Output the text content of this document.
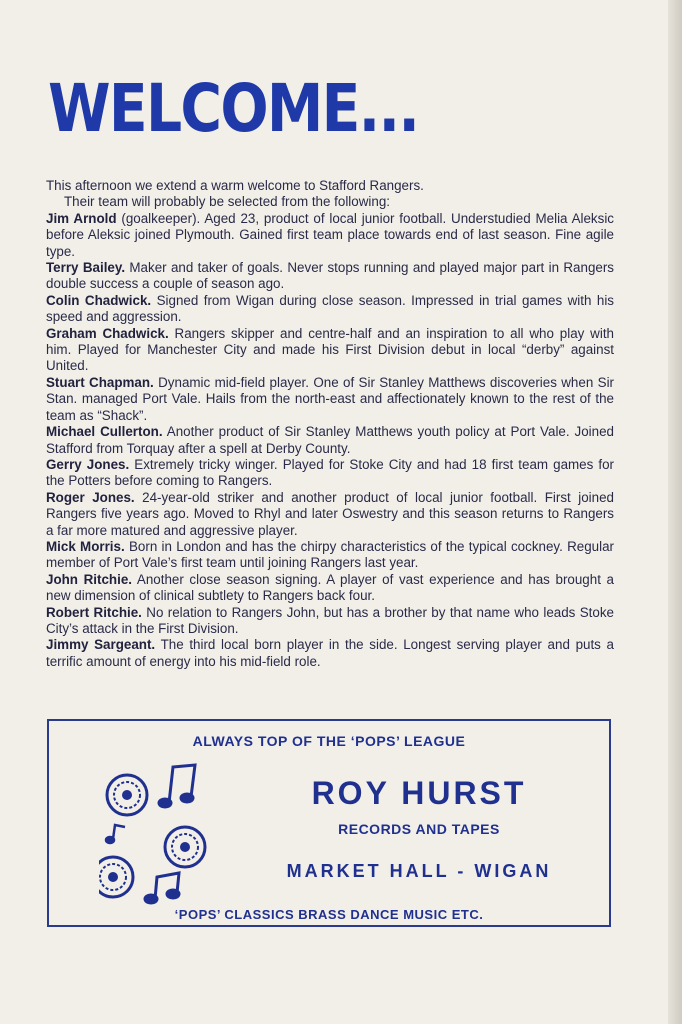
WELCOME...

This afternoon we extend a warm welcome to Stafford Rangers.

Their team will probably be selected from the following:

Jim Arnold (goalkeeper). Aged 23, product of local junior football. Understudied Melia Aleksic before Aleksic joined Plymouth. Gained first team place towards end of last season. Fine agile type.

Terry Bailey. Maker and taker of goals. Never stops running and played major part in Rangers double success a couple of season ago.

Colin Chadwick. Signed from Wigan during close season. Impressed in trial games with his speed and aggression.

Graham Chadwick. Rangers skipper and centre-half and an inspiration to all who play with him. Played for Manchester City and made his First Division debut in local “derby” against United.

Stuart Chapman. Dynamic mid-field player. One of Sir Stanley Matthews discoveries when Sir Stan. managed Port Vale. Hails from the north-east and affectionately known to the rest of the team as “Shack”.

Michael Cullerton. Another product of Sir Stanley Matthews youth policy at Port Vale. Joined Stafford from Torquay after a spell at Derby County.

Gerry Jones. Extremely tricky winger. Played for Stoke City and had 18 first team games for the Potters before coming to Rangers.

Roger Jones. 24-year-old striker and another product of local junior football. First joined Rangers five years ago. Moved to Rhyl and later Oswestry and this season returns to Rangers a far more matured and aggressive player.

Mick Morris. Born in London and has the chirpy characteristics of the typical cockney. Regular member of Port Vale’s first team until joining Rangers last year.

John Ritchie. Another close season signing. A player of vast experience and has brought a new dimension of clinical subtlety to Rangers back four.

Robert Ritchie. No relation to Rangers John, but has a brother by that name who leads Stoke City’s attack in the First Division.

Jimmy Sargeant. The third local born player in the side. Longest serving player and puts a terrific amount of energy into his mid-field role.

ALWAYS TOP OF THE ‘POPS’ LEAGUE
ROY HURST
RECORDS AND TAPES
MARKET HALL - WIGAN
‘POPS’ CLASSICS BRASS DANCE MUSIC ETC.
